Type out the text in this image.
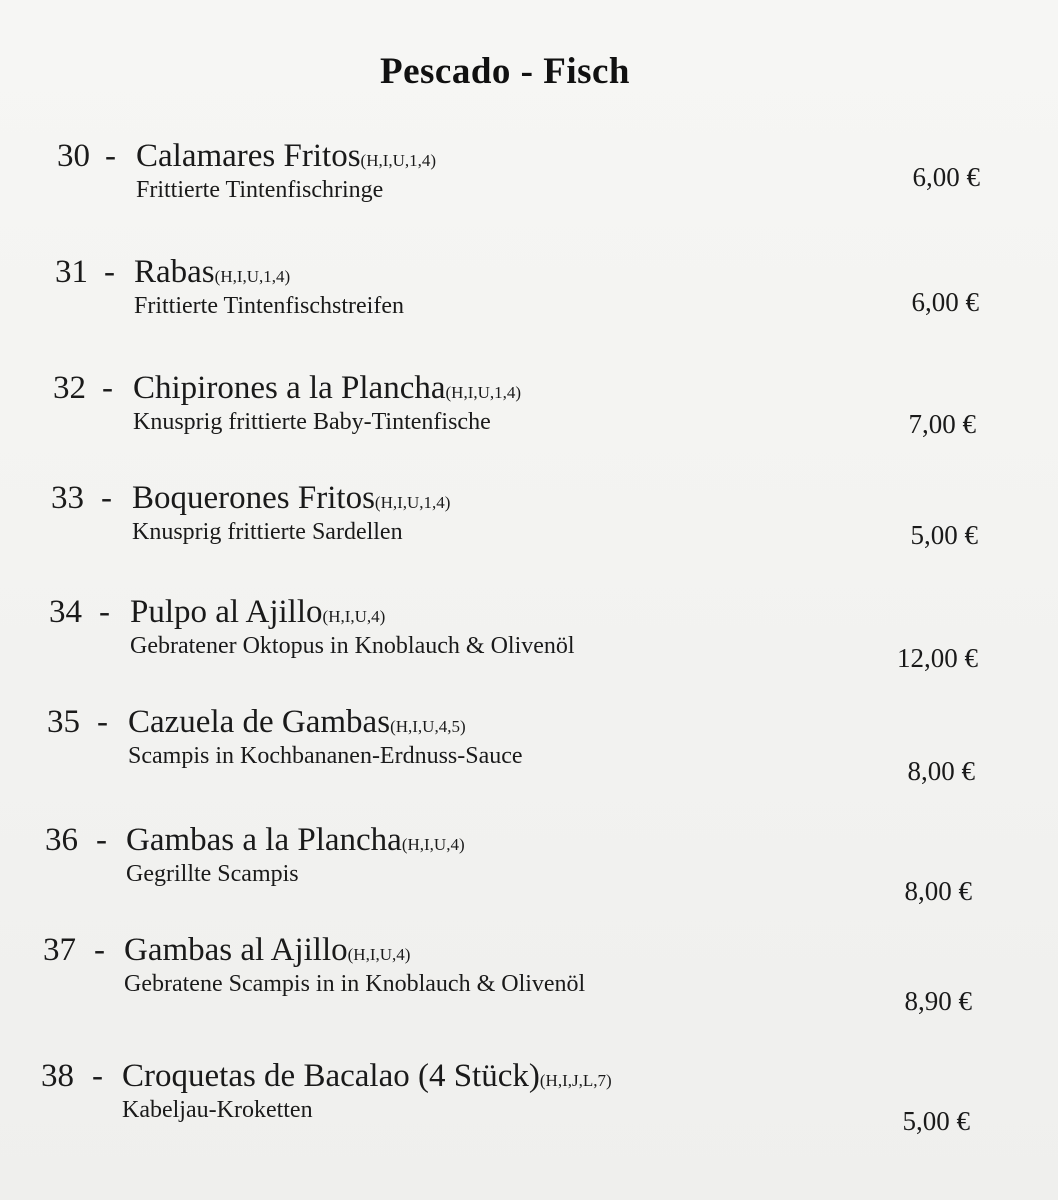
Pescado - Fisch
30 - Calamares Fritos(H,I,U,1,4)
Frittierte Tintenfischringe	6,00 €
31 - Rabas(H,I,U,1,4)
Frittierte Tintenfischstreifen	6,00 €
32 - Chipirones a la Plancha(H,I,U,1,4)
Knusprig frittierte Baby-Tintenfische	7,00 €
33 - Boquerones Fritos(H,I,U,1,4)
Knusprig frittierte Sardellen	5,00 €
34 - Pulpo al Ajillo(H,I,U,4)
Gebratener Oktopus in Knoblauch & Olivenöl	12,00 €
35 - Cazuela de Gambas(H,I,U,4,5)
Scampis in Kochbananen-Erdnuss-Sauce	8,00 €
36 - Gambas a la Plancha(H,I,U,4)
Gegrillte Scampis
8,00 €
37 - Gambas al Ajillo(H,I,U,4)
Gebratene Scampis in in Knoblauch & Olivenöl
8,90 €
38 - Croquetas de Bacalao (4 Stück)(H,I,J,L,7)
Kabeljau-Kroketten	5,00 €
